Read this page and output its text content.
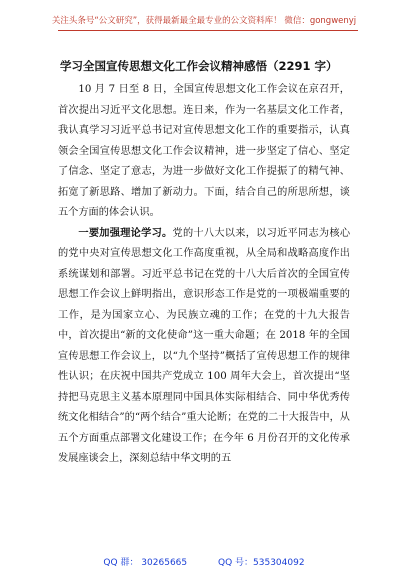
关注头条号“公文研究”，获得最新最全最专业的公文资料库！ 微信：gongwenyj
学习全国宣传思想文化工作会议精神感悟（2291 字）

10 月 7 日至 8 日，全国宣传思想文化工作会议在京召开，首次提出习近平文化思想。连日来，作为一名基层文化工作者，我认真学习习近平总书记对宣传思想文化工作的重要指示，认真领会全国宣传思想文化工作会议精神，进一步坚定了信心、坚定了信念、坚定了意志，为进一步做好文化工作提振了的精气神、拓宽了新思路、增加了新动力。下面，结合自己的所思所想，谈五个方面的体会认识。

一要加强理论学习。党的十八大以来，以习近平同志为核心的党中央对宣传思想文化工作高度重视，从全局和战略高度作出系统谋划和部署。习近平总书记在党的十八大后首次的全国宣传思想工作会议上鲜明指出，意识形态工作是党的一项极端重要的工作，是为国家立心、为民族立魂的工作；在党的十九大报告中，首次提出“新的文化使命”这一重大命题；在 2018 年的全国宣传思想工作会议上，以“九个坚持”概括了宣传思想工作的规律性认识；在庆祝中国共产党成立 100 周年大会上，首次提出“坚持把马克思主义基本原理同中国具体实际相结合、同中华优秀传统文化相结合”的“两个结合”重大论断；在党的二十大报告中，从五个方面重点部署文化建设工作；在今年 6 月份召开的文化传承发展座谈会上，深刻总结中华文明的五

QQ 群： 30265665	QQ 号：535304092
